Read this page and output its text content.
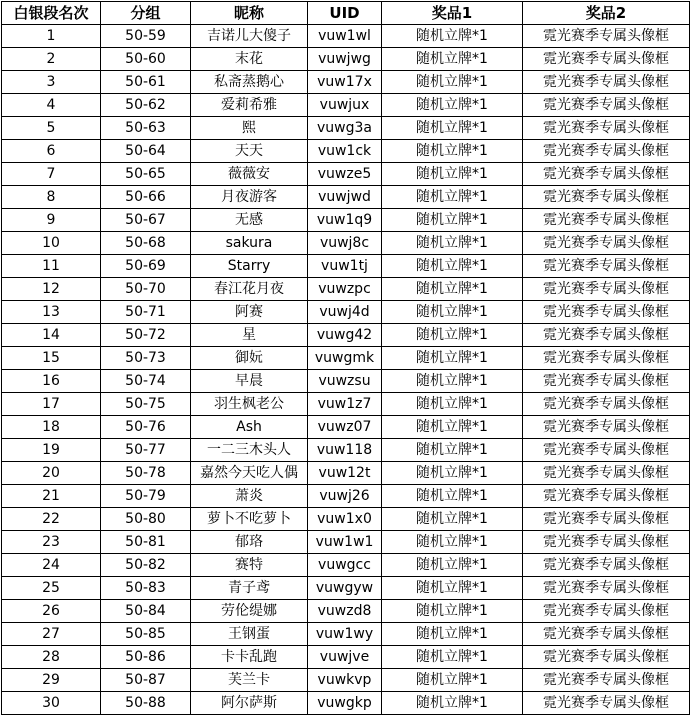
白银段名次	分组	昵称	UID	奖品1	奖品2
1	50-59	吉诺儿大傻子	vuw1wl	随机立牌*1	霓光赛季专属头像框
2	50-60	末花	vuwjwg	随机立牌*1	霓光赛季专属头像框
3	50-61	私斋蒸鹅心	vuw17x	随机立牌*1	霓光赛季专属头像框
4	50-62	爱莉希雅	vuwjux	随机立牌*1	霓光赛季专属头像框
5	50-63	熙	vuwg3a	随机立牌*1	霓光赛季专属头像框
6	50-64	天天	vuw1ck	随机立牌*1	霓光赛季专属头像框
7	50-65	薇薇安	vuwze5	随机立牌*1	霓光赛季专属头像框
8	50-66	月夜游客	vuwjwd	随机立牌*1	霓光赛季专属头像框
9	50-67	无感	vuw1q9	随机立牌*1	霓光赛季专属头像框
10	50-68	sakura	vuwj8c	随机立牌*1	霓光赛季专属头像框
11	50-69	Starry	vuw1tj	随机立牌*1	霓光赛季专属头像框
12	50-70	春江花月夜	vuwzpc	随机立牌*1	霓光赛季专属头像框
13	50-71	阿赛	vuwj4d	随机立牌*1	霓光赛季专属头像框
14	50-72	星	vuwg42	随机立牌*1	霓光赛季专属头像框
15	50-73	御妧	vuwgmk	随机立牌*1	霓光赛季专属头像框
16	50-74	早晨	vuwzsu	随机立牌*1	霓光赛季专属头像框
17	50-75	羽生枫老公	vuw1z7	随机立牌*1	霓光赛季专属头像框
18	50-76	Ash	vuwz07	随机立牌*1	霓光赛季专属头像框
19	50-77	一二三木头人	vuw118	随机立牌*1	霓光赛季专属头像框
20	50-78	嘉然今天吃人偶	vuw12t	随机立牌*1	霓光赛季专属头像框
21	50-79	萧炎	vuwj26	随机立牌*1	霓光赛季专属头像框
22	50-80	萝卜不吃萝卜	vuw1x0	随机立牌*1	霓光赛季专属头像框
23	50-81	郁珞	vuw1w1	随机立牌*1	霓光赛季专属头像框
24	50-82	赛特	vuwgcc	随机立牌*1	霓光赛季专属头像框
25	50-83	青子鸢	vuwgyw	随机立牌*1	霓光赛季专属头像框
26	50-84	劳伦缇娜	vuwzd8	随机立牌*1	霓光赛季专属头像框
27	50-85	王钢蛋	vuw1wy	随机立牌*1	霓光赛季专属头像框
28	50-86	卡卡乱跑	vuwjve	随机立牌*1	霓光赛季专属头像框
29	50-87	芙兰卡	vuwkvp	随机立牌*1	霓光赛季专属头像框
30	50-88	阿尔萨斯	vuwgkp	随机立牌*1	霓光赛季专属头像框
